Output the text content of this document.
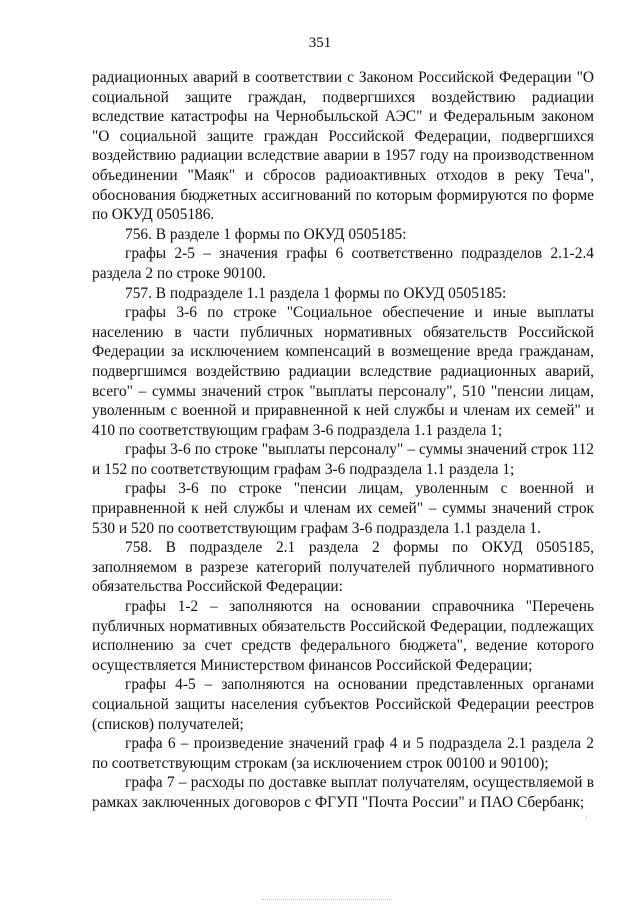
351

радиационных аварий в соответствии с Законом Российской Федерации "О социальной защите граждан, подвергшихся воздействию радиации вследствие катастрофы на Чернобыльской АЭС" и Федеральным законом "О социальной защите граждан Российской Федерации, подвергшихся воздействию радиации вследствие аварии в 1957 году на производственном объединении "Маяк" и сбросов радиоактивных отходов в реку Теча", обоснования бюджетных ассигнований по которым формируются по форме по ОКУД 0505186.

756. В разделе 1 формы по ОКУД 0505185:

графы 2-5 – значения графы 6 соответственно подразделов 2.1-2.4 раздела 2 по строке 90100.

757. В подразделе 1.1 раздела 1 формы по ОКУД 0505185:

графы 3-6 по строке "Социальное обеспечение и иные выплаты населению в части публичных нормативных обязательств Российской Федерации за исключением компенсаций в возмещение вреда гражданам, подвергшимся воздействию радиации вследствие радиационных аварий, всего" – суммы значений строк "выплаты персоналу", 510 "пенсии лицам, уволенным с военной и приравненной к ней службы и членам их семей" и 410 по соответствующим графам 3-6 подраздела 1.1 раздела 1;

графы 3-6 по строке "выплаты персоналу" – суммы значений строк 112 и 152 по соответствующим графам 3-6 подраздела 1.1 раздела 1;

графы 3-6 по строке "пенсии лицам, уволенным с военной и приравненной к ней службы и членам их семей" – суммы значений строк 530 и 520 по соответствующим графам 3-6 подраздела 1.1 раздела 1.

758. В подразделе 2.1 раздела 2 формы по ОКУД 0505185, заполняемом в разрезе категорий получателей публичного нормативного обязательства Российской Федерации:

графы 1-2 – заполняются на основании справочника "Перечень публичных нормативных обязательств Российской Федерации, подлежащих исполнению за счет средств федерального бюджета", ведение которого осуществляется Министерством финансов Российской Федерации;

графы 4-5 – заполняются на основании представленных органами социальной защиты населения субъектов Российской Федерации реестров (списков) получателей;

графа 6 – произведение значений граф 4 и 5 подраздела 2.1 раздела 2 по соответствующим строкам (за исключением строк 00100 и 90100);

графа 7 – расходы по доставке выплат получателям, осуществляемой в рамках заключенных договоров с ФГУП "Почта России" и ПАО Сбербанк;
